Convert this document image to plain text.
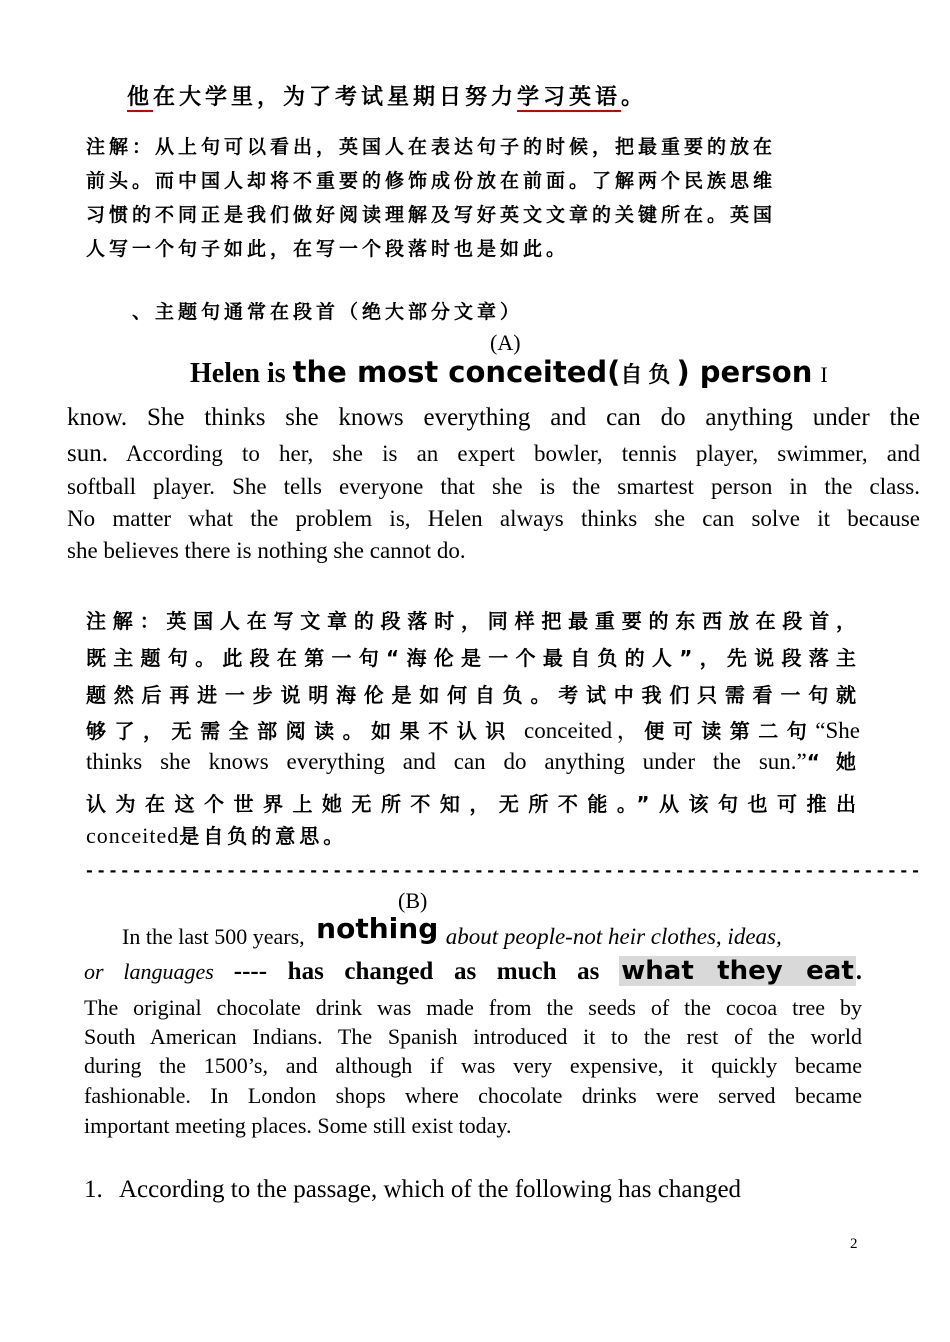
他在大学里，为了考试星期日努力学习英语。
注解：从上句可以看出，英国人在表达句子的时候，把最重要的放在
前头。而中国人却将不重要的修饰成份放在前面。了解两个民族思维
习惯的不同正是我们做好阅读理解及写好英文文章的关键所在。英国
人写一个句子如此，在写一个段落时也是如此。
、主题句通常在段首（绝大部分文章）
(A)
Helen is the most conceited(自负) person I
know. She thinks she knows everything and can do anything under the
sun. According to her, she is an expert bowler, tennis player, swimmer, and
softball player. She tells everyone that she is the smartest person in the class.
No matter what the problem is, Helen always thinks she can solve it because
she believes there is nothing she cannot do.
注解：英国人在写文章的段落时，同样把最重要的东西放在段首，
既主题句。此段在第一句“海伦是一个最自负的人”，先说段落主
题然后再进一步说明海伦是如何自负。考试中我们只需看一句就
够了，无需全部阅读。如果不认识 conceited，便可读第二句“She
thinks she knows everything and can do anything under the sun.”“她
认为在这个世界上她无所不知，无所不能。”从该句也可推出
conceited是自负的意思。
-----------------------------------------------------------------------
(B)
In the last 500 years, nothing about people-not heir clothes, ideas,
or languages ---- has changed as much as what they eat.
The original chocolate drink was made from the seeds of the cocoa tree by
South American Indians. The Spanish introduced it to the rest of the world
during the 1500’s, and although if was very expensive, it quickly became
fashionable. In London shops where chocolate drinks were served became
important meeting places. Some still exist today.
1. According to the passage, which of the following has changed
2
